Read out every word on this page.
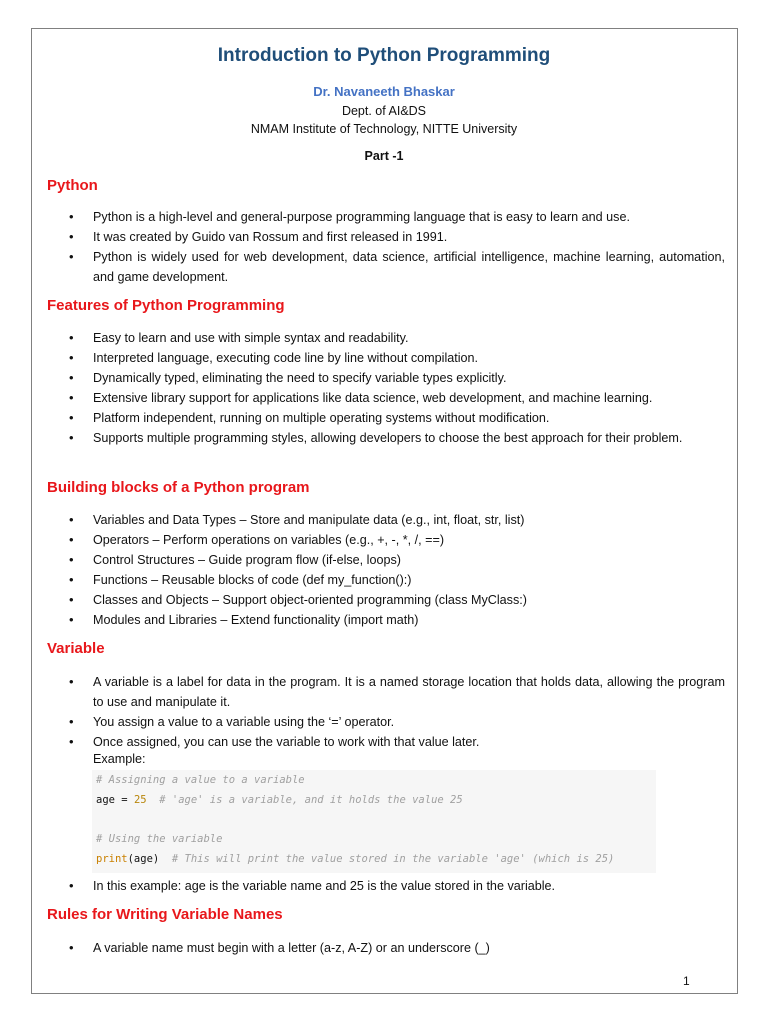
Introduction to Python Programming
Dr. Navaneeth Bhaskar
Dept. of AI&DS
NMAM Institute of Technology, NITTE University
Part -1
Python
• Python is a high-level and general-purpose programming language that is easy to learn and use.
• It was created by Guido van Rossum and first released in 1991.
• Python is widely used for web development, data science, artificial intelligence, machine learning, automation, and game development.
Features of Python Programming
• Easy to learn and use with simple syntax and readability.
• Interpreted language, executing code line by line without compilation.
• Dynamically typed, eliminating the need to specify variable types explicitly.
• Extensive library support for applications like data science, web development, and machine learning.
• Platform independent, running on multiple operating systems without modification.
• Supports multiple programming styles, allowing developers to choose the best approach for their problem.
Building blocks of a Python program
• Variables and Data Types – Store and manipulate data (e.g., int, float, str, list)
• Operators – Perform operations on variables (e.g., +, -, *, /, ==)
• Control Structures – Guide program flow (if-else, loops)
• Functions – Reusable blocks of code (def my_function():)
• Classes and Objects – Support object-oriented programming (class MyClass:)
• Modules and Libraries – Extend functionality (import math)
Variable
• A variable is a label for data in the program. It is a named storage location that holds data, allowing the program to use and manipulate it.
• You assign a value to a variable using the ‘=’ operator.
• Once assigned, you can use the variable to work with that value later.
Example:
# Assigning a value to a variable
age = 25  # 'age' is a variable, and it holds the value 25
# Using the variable
print(age)  # This will print the value stored in the variable 'age' (which is 25)
• In this example: age is the variable name and 25 is the value stored in the variable.
Rules for Writing Variable Names
• A variable name must begin with a letter (a-z, A-Z) or an underscore (_)
1
